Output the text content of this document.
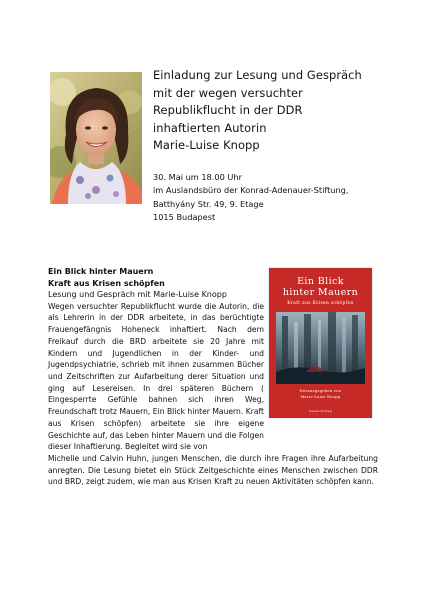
Einladung zur Lesung und Gespräch
mit der wegen versuchter
Republikflucht in der DDR
inhaftierten Autorin
Marie-Luise Knopp
30. Mai um 18.00 Uhr
im Auslandsbüro der Konrad-Adenauer-Stiftung,
Batthyány Str. 49, 9. Etage
1015 Budapest
Ein Blick hinter Mauern
Kraft aus Krisen schöpfen
Lesung und Gespräch mit Marie-Luise Knopp

Wegen versuchter Republikflucht wurde die Autorin, die als Lehrerin in der DDR arbeitete, in das berüchtigte Frauengefängnis Hoheneck inhaftiert. Nach dem Freikauf durch die BRD arbeitete sie 20 Jahre mit Kindern und Jugendlichen in der Kinder- und Jugendpsychiatrie, schrieb mit ihnen zusammen Bücher und Zeitschriften zur Aufarbeitung derer Situation und ging auf Lesereisen. In drei späteren Büchern ( Eingesperrte Gefühle bahnen sich ihren Weg, Freundschaft trotz Mauern, Ein Blick hinter Mauern. Kraft aus Krisen schöpfen) arbeitete sie ihre eigene Geschichte auf, das Leben hinter Mauern und die Folgen dieser Inhaftierung. Begleitet wird sie von

Michelle und Calvin Huhn, jungen Menschen, die durch ihre Fragen ihre Aufarbeitung anregten. Die Lesung bietet ein Stück Zeitgeschichte eines Menschen zwischen DDR und BRD, zeigt zudem, wie man aus Krisen Kraft zu neuen Aktivitäten schöpfen kann.

Ein Blick
hinter Mauern
Kraft aus Krisen schöpfen
Herausgegeben von
Marie-Luise Knopp
Geest-Verlag
